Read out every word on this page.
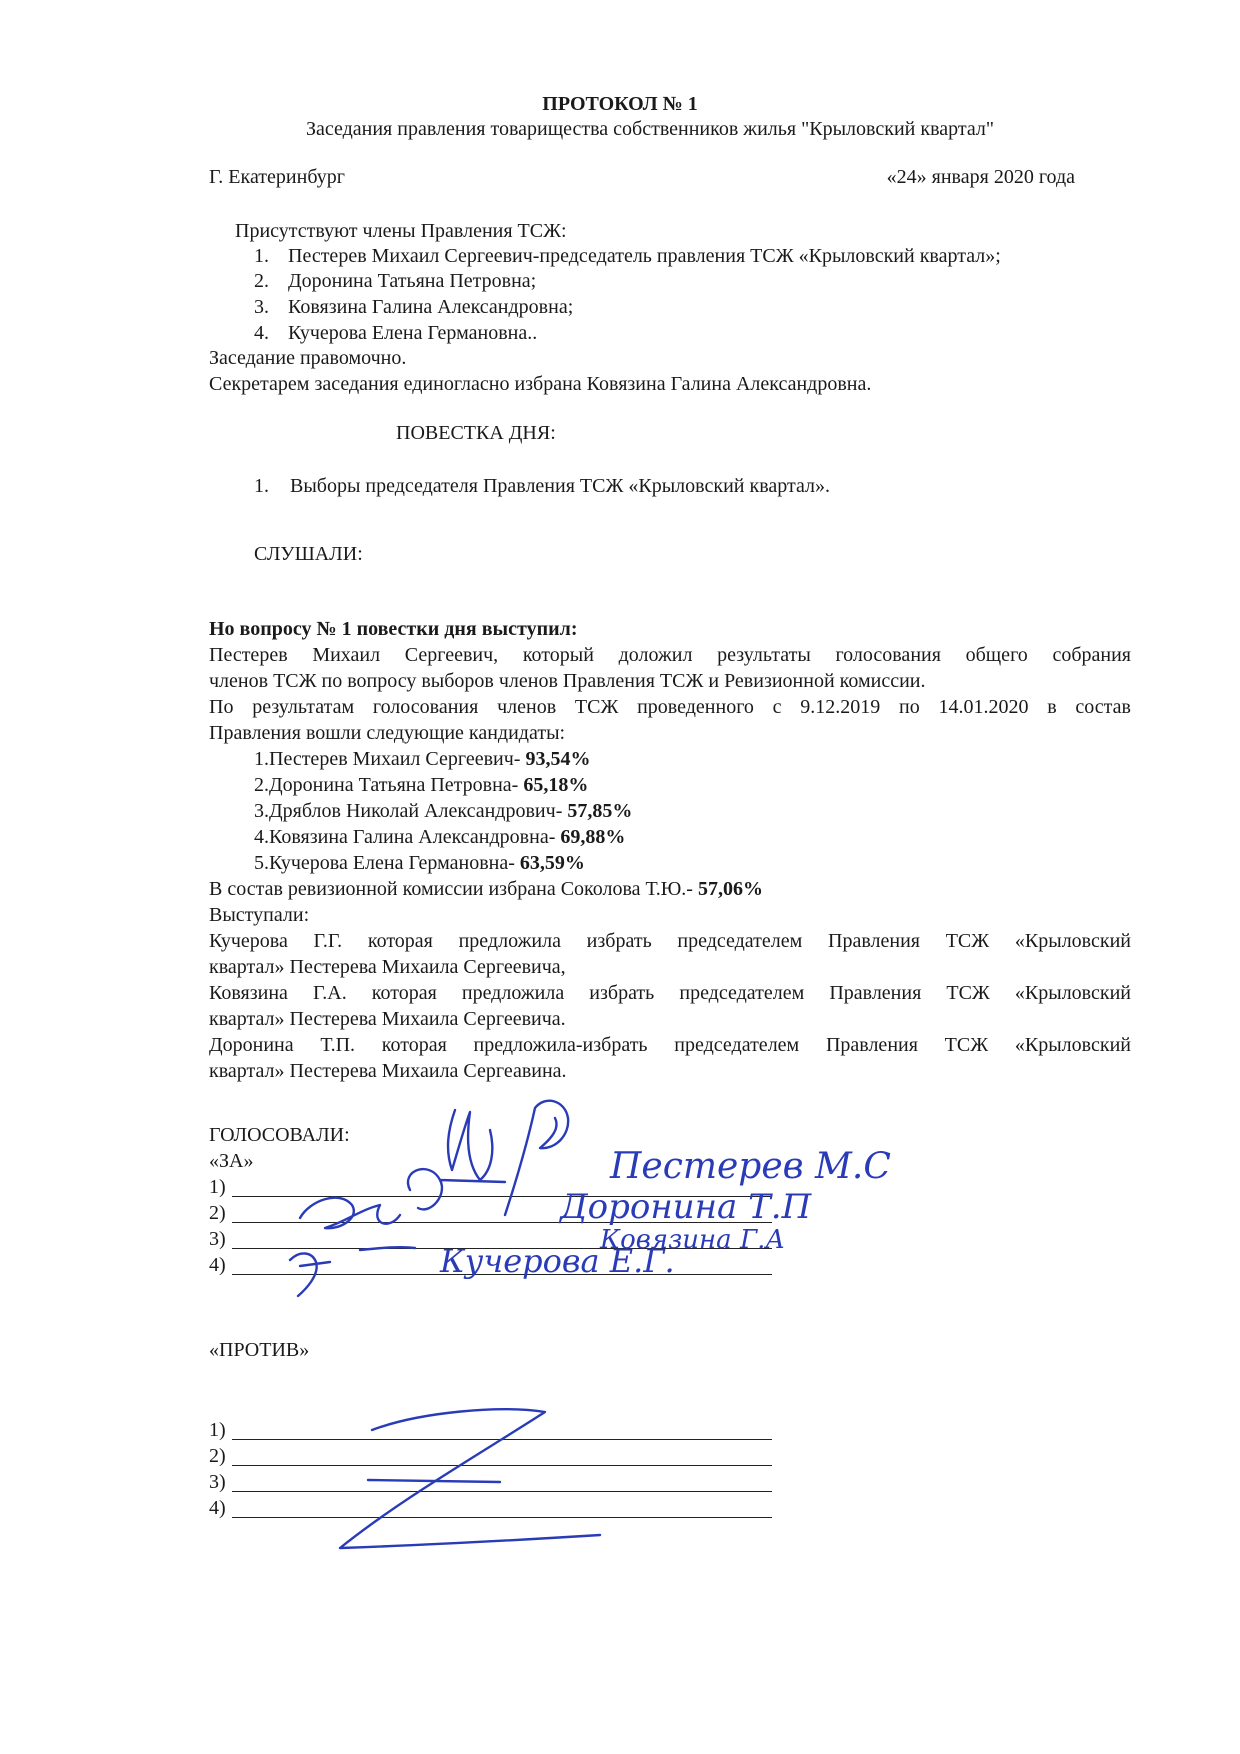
ПРОТОКОЛ № 1
Заседания правления товарищества собственников жилья "Крыловский квартал"
Г. Екатеринбург	«24» января 2020 года
Присутствуют члены Правления ТСЖ:
1. Пестерев Михаил Сергеевич-председатель правления ТСЖ «Крыловский квартал»;
2. Доронина Татьяна Петровна;
3. Ковязина Галина Александровна;
4. Кучерова Елена Германовна..
Заседание правомочно.
Секретарем заседания единогласно избрана Ковязина Галина Александровна.
ПОВЕСТКА ДНЯ:
1. Выборы председателя Правления ТСЖ «Крыловский квартал».
СЛУШАЛИ:
Но вопросу № 1 повестки дня выступил:
Пестерев Михаил Сергеевич, который доложил результаты голосования общего собрания
членов ТСЖ по вопросу выборов членов Правления ТСЖ и Ревизионной комиссии.
По результатам голосования членов ТСЖ проведенного с 9.12.2019 по 14.01.2020 в состав
Правления вошли следующие кандидаты:
1.Пестерев Михаил Сергеевич- 93,54%
2.Доронина Татьяна Петровна- 65,18%
3.Дряблов Николай Александрович- 57,85%
4.Ковязина Галина Александровна- 69,88%
5.Кучерова Елена Германовна- 63,59%
В состав ревизионной комиссии избрана Соколова Т.Ю.- 57,06%
Выступали:
Кучерова Г.Г. которая предложила избрать председателем Правления ТСЖ «Крыловский
квартал» Пестерева Михаила Сергеевича,
Ковязина Г.А. которая предложила избрать председателем Правления ТСЖ «Крыловский
квартал» Пестерева Михаила Сергеевича.
Доронина Т.П. которая предложила-избрать председателем Правления ТСЖ «Крыловский
квартал» Пестерева Михаила Сергеавина.
ГОЛОСОВАЛИ:
«ЗА»
1)
2)
3)
4)
«ПРОТИВ»
1)
2)
3)
4)
Пестерев М.С
Доронина Т.П
Ковязина Г.А
Кучерова Е.Г.
